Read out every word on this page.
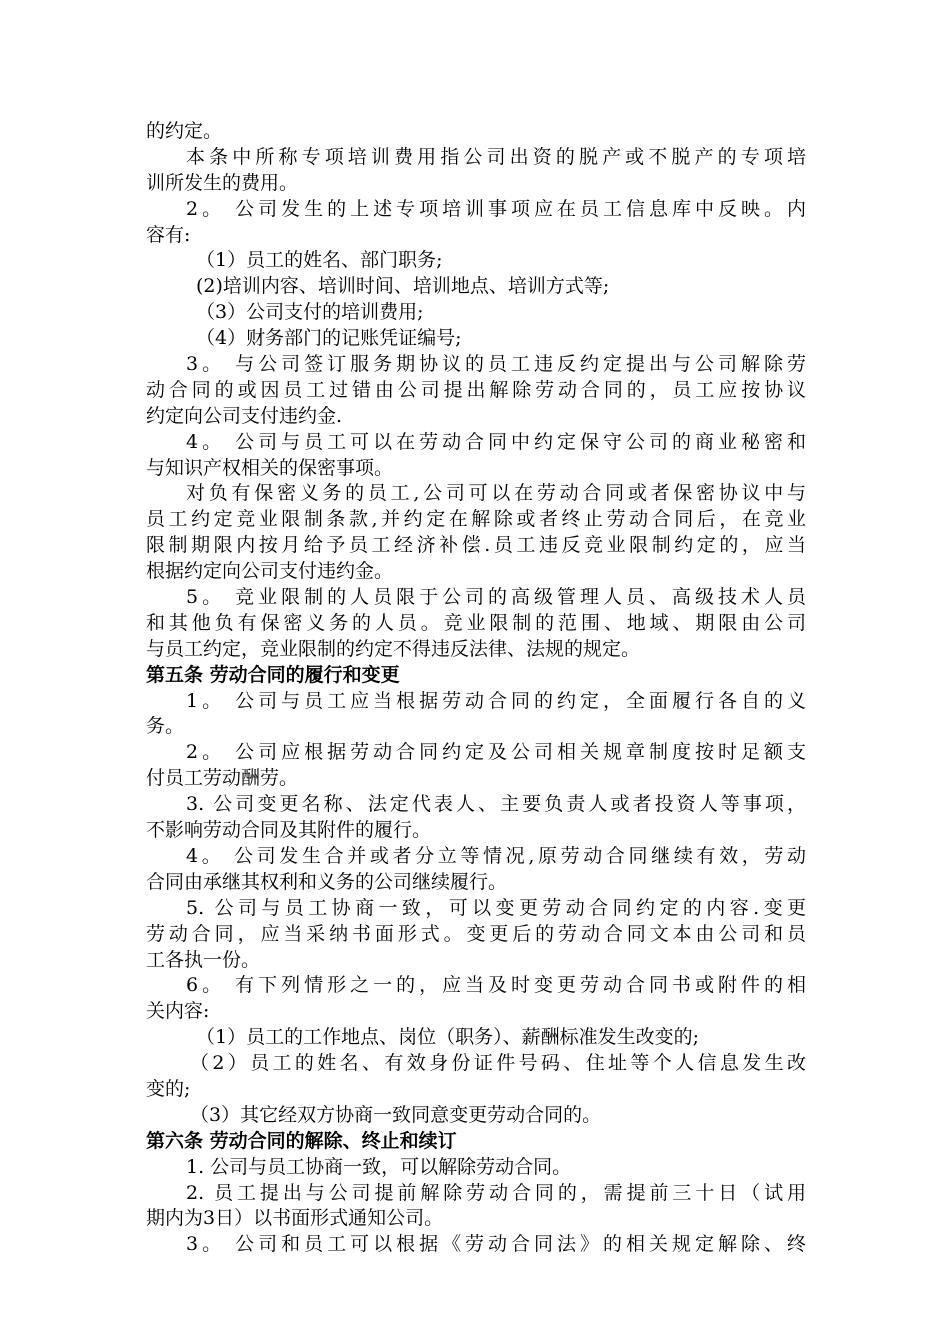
的约定。
本条中所称专项培训费用指公司出资的脱产或不脱产的专项培
训所发生的费用。
2。 公司发生的上述专项培训事项应在员工信息库中反映。内
容有:
（1）员工的姓名、部门职务;
(2)培训内容、培训时间、培训地点、培训方式等;
（3）公司支付的培训费用;
（4）财务部门的记账凭证编号;
3。 与公司签订服务期协议的员工违反约定提出与公司解除劳
动合同的或因员工过错由公司提出解除劳动合同的，员工应按协议
约定向公司支付违约金.
4。 公司与员工可以在劳动合同中约定保守公司的商业秘密和
与知识产权相关的保密事项。
对负有保密义务的员工,公司可以在劳动合同或者保密协议中与
员工约定竞业限制条款,并约定在解除或者终止劳动合同后，在竞业
限制期限内按月给予员工经济补偿.员工违反竞业限制约定的，应当
根据约定向公司支付违约金。
5。 竞业限制的人员限于公司的高级管理人员、高级技术人员
和其他负有保密义务的人员。竞业限制的范围、地域、期限由公司
与员工约定，竞业限制的约定不得违反法律、法规的规定。
第五条 劳动合同的履行和变更
1。 公司与员工应当根据劳动合同的约定，全面履行各自的义
务。
2。 公司应根据劳动合同约定及公司相关规章制度按时足额支
付员工劳动酬劳。
3. 公司变更名称、法定代表人、主要负责人或者投资人等事项，
不影响劳动合同及其附件的履行。
4。 公司发生合并或者分立等情况,原劳动合同继续有效，劳动
合同由承继其权利和义务的公司继续履行。
5. 公司与员工协商一致，可以变更劳动合同约定的内容.变更
劳动合同，应当采纳书面形式。变更后的劳动合同文本由公司和员
工各执一份。
6。 有下列情形之一的，应当及时变更劳动合同书或附件的相
关内容:
（1）员工的工作地点、岗位（职务）、薪酬标准发生改变的;
（2）员工的姓名、有效身份证件号码、住址等个人信息发生改
变的;
（3）其它经双方协商一致同意变更劳动合同的。
第六条 劳动合同的解除、终止和续订
1. 公司与员工协商一致，可以解除劳动合同。
2. 员工提出与公司提前解除劳动合同的，需提前三十日（试用
期内为3日）以书面形式通知公司。
3。 公司和员工可以根据《劳动合同法》的相关规定解除、终
